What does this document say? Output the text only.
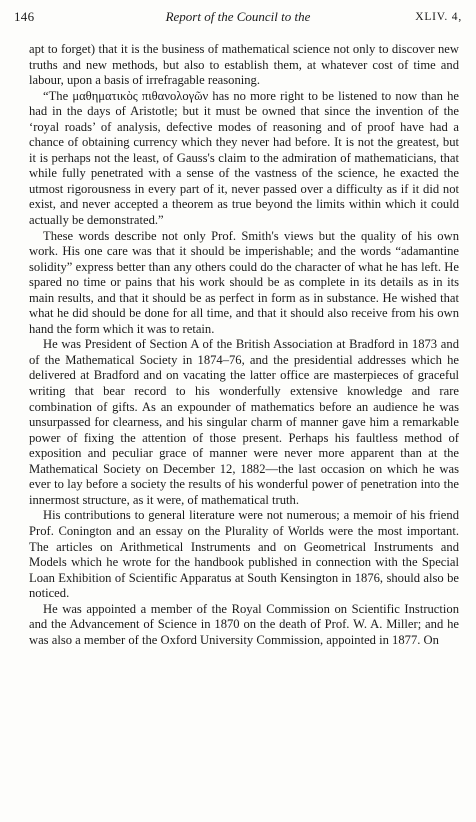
146	Report of the Council to the	XLIV. 4,

apt to forget) that it is the business of mathematical science not only to discover new truths and new methods, but also to establish them, at whatever cost of time and labour, upon a basis of irrefragable reasoning.

“The μαθηματικὸς πιθανολογῶν has no more right to be listened to now than he had in the days of Aristotle; but it must be owned that since the invention of the ‘royal roads’ of analysis, defective modes of reasoning and of proof have had a chance of obtaining currency which they never had before. It is not the greatest, but it is perhaps not the least, of Gauss's claim to the admiration of mathematicians, that while fully penetrated with a sense of the vastness of the science, he exacted the utmost rigorousness in every part of it, never passed over a difficulty as if it did not exist, and never accepted a theorem as true beyond the limits within which it could actually be demonstrated.”

These words describe not only Prof. Smith's views but the quality of his own work. His one care was that it should be imperishable; and the words “adamantine solidity” express better than any others could do the character of what he has left. He spared no time or pains that his work should be as complete in its details as in its main results, and that it should be as perfect in form as in substance. He wished that what he did should be done for all time, and that it should also receive from his own hand the form which it was to retain.

He was President of Section A of the British Association at Bradford in 1873 and of the Mathematical Society in 1874–76, and the presidential addresses which he delivered at Bradford and on vacating the latter office are masterpieces of graceful writing that bear record to his wonderfully extensive knowledge and rare combination of gifts. As an expounder of mathematics before an audience he was unsurpassed for clearness, and his singular charm of manner gave him a remarkable power of fixing the attention of those present. Perhaps his faultless method of exposition and peculiar grace of manner were never more apparent than at the Mathematical Society on December 12, 1882—the last occasion on which he was ever to lay before a society the results of his wonderful power of penetration into the innermost structure, as it were, of mathematical truth.

His contributions to general literature were not numerous; a memoir of his friend Prof. Conington and an essay on the Plurality of Worlds were the most important. The articles on Arithmetical Instruments and on Geometrical Instruments and Models which he wrote for the handbook published in connection with the Special Loan Exhibition of Scientific Apparatus at South Kensington in 1876, should also be noticed.

He was appointed a member of the Royal Commission on Scientific Instruction and the Advancement of Science in 1870 on the death of Prof. W. A. Miller; and he was also a member of the Oxford University Commission, appointed in 1877. On
